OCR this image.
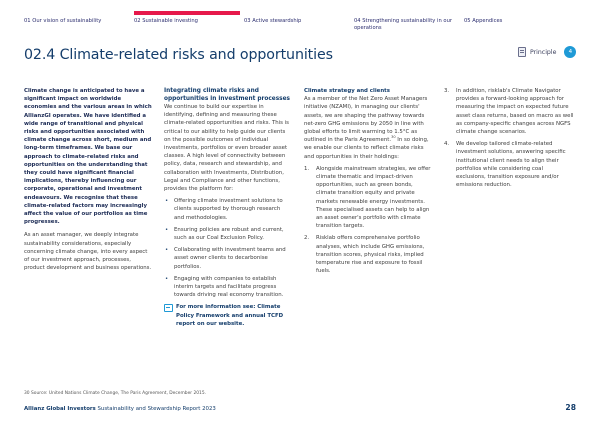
01 Our vision of sustainability	02 Sustainable investing	03 Active stewardship	04 Strengthening sustainability in our operations
05 Appendices
02.4 Climate-related risks and opportunities	Principle	4

Climate change is anticipated to have a significant impact on worldwide economies and the various areas in which AllianzGI operates. We have identified a wide range of transitional and physical risks and opportunities associated with climate change across short, medium and long-term timeframes. We base our approach to climate-related risks and opportunities on the understanding that they could have significant financial implications, thereby influencing our corporate, operational and investment endeavours. We recognise that these climate-related factors may increasingly affect the value of our portfolios as time progresses.

As an asset manager, we deeply integrate sustainability considerations, especially concerning climate change, into every aspect of our investment approach, processes, product development and business operations.

Integrating climate risks and opportunities in investment processes

We continue to build our expertise in identifying, defining and measuring these climate-related opportunities and risks. This is critical to our ability to help guide our clients on the possible outcomes of individual investments, portfolios or even broader asset classes. A high level of connectivity between policy, data, research and stewardship, and collaboration with Investments, Distribution, Legal and Compliance and other functions, provides the platform for:

• Offering climate investment solutions to clients supported by thorough research and methodologies.
• Ensuring policies are robust and current, such as our Coal Exclusion Policy.
• Collaborating with investment teams and asset owner clients to decarbonise portfolios.
• Engaging with companies to establish interim targets and facilitate progress towards driving real economy transition.
For more information see: Climate Policy Framework and annual TCFD report on our website.
Climate strategy and clients

As a member of the Net Zero Asset Managers initiative (NZAMI), in managing our clients' assets, we are shaping the pathway towards net-zero GHG emissions by 2050 in line with global efforts to limit warming to 1.5°C as outlined in the Paris Agreement.$^{30}$ In so doing, we enable our clients to reflect climate risks and opportunities in their holdings:

1. Alongside mainstream strategies, we offer climate thematic and impact-driven opportunities, such as green bonds, climate transition equity and private markets renewable energy investments. These specialised assets can help to align an asset owner's portfolio with climate transition targets.
2. Risklab offers comprehensive portfolio analyses, which include GHG emissions, transition scores, physical risks, implied temperature rise and exposure to fossil fuels.
3. In addition, risklab's Climate Navigator provides a forward-looking approach for measuring the impact on expected future asset class returns, based on macro as well as company-specific changes across NGFS climate change scenarios.
4. We develop tailored climate-related investment solutions, answering specific institutional client needs to align their portfolios while considering coal exclusions, transition exposure and/or emissions reduction.
30 Source: United Nations Climate Change, The Paris Agreement, December 2015.
Allianz Global Investors Sustainability and Stewardship Report 2023	28
